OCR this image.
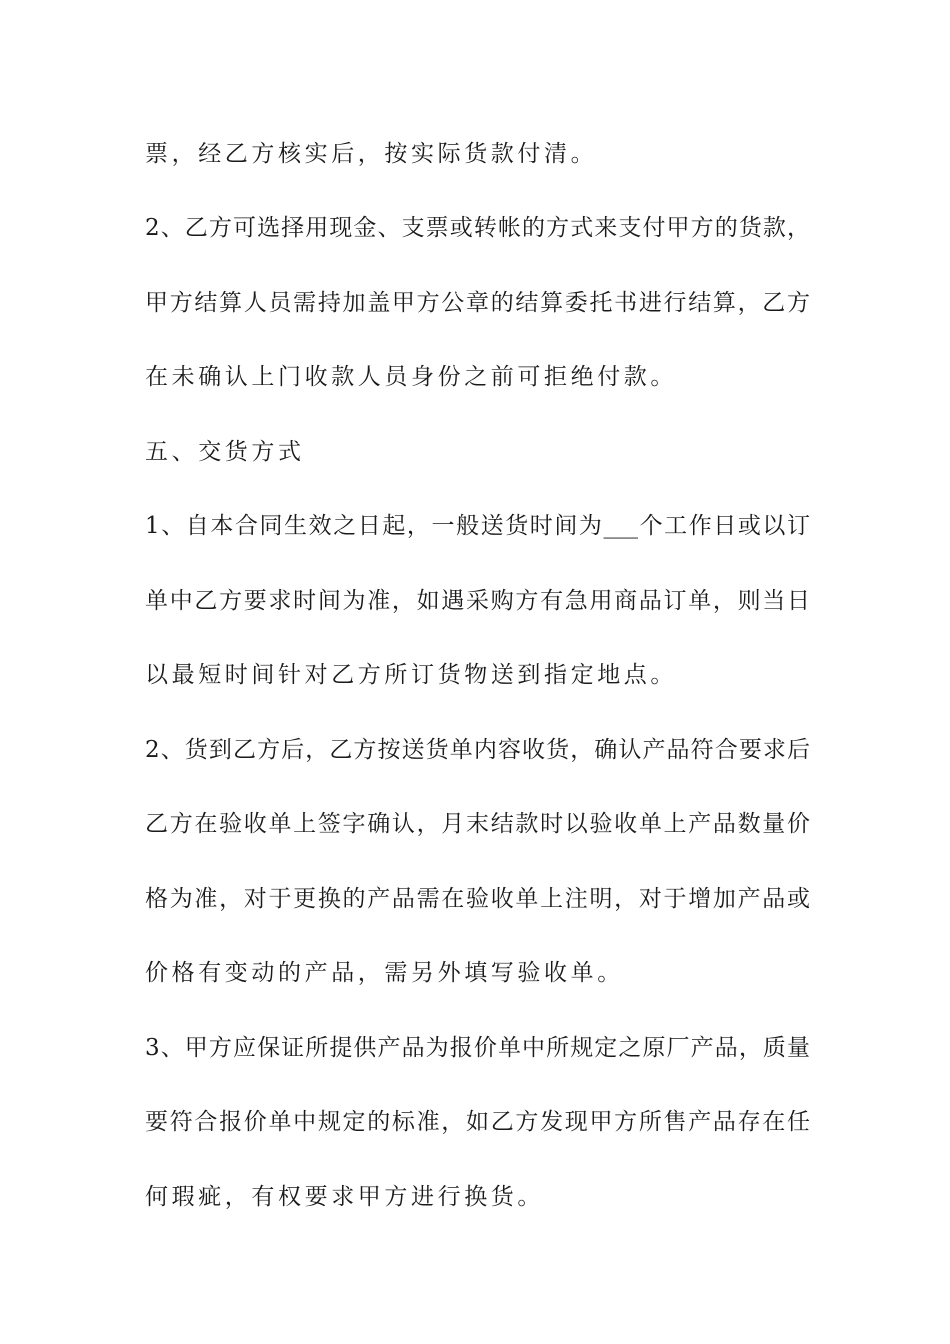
票，经乙方核实后，按实际货款付清。
2、乙方可选择用现金、支票或转帐的方式来支付甲方的货款，
甲方结算人员需持加盖甲方公章的结算委托书进行结算，乙方
在未确认上门收款人员身份之前可拒绝付款。
五、交货方式
1、自本合同生效之日起，一般送货时间为___个工作日或以订
单中乙方要求时间为准，如遇采购方有急用商品订单，则当日
以最短时间针对乙方所订货物送到指定地点。
2、货到乙方后，乙方按送货单内容收货，确认产品符合要求后
乙方在验收单上签字确认，月末结款时以验收单上产品数量价
格为准，对于更换的产品需在验收单上注明，对于增加产品或
价格有变动的产品，需另外填写验收单。
3、甲方应保证所提供产品为报价单中所规定之原厂产品，质量
要符合报价单中规定的标准，如乙方发现甲方所售产品存在任
何瑕疵，有权要求甲方进行换货。
